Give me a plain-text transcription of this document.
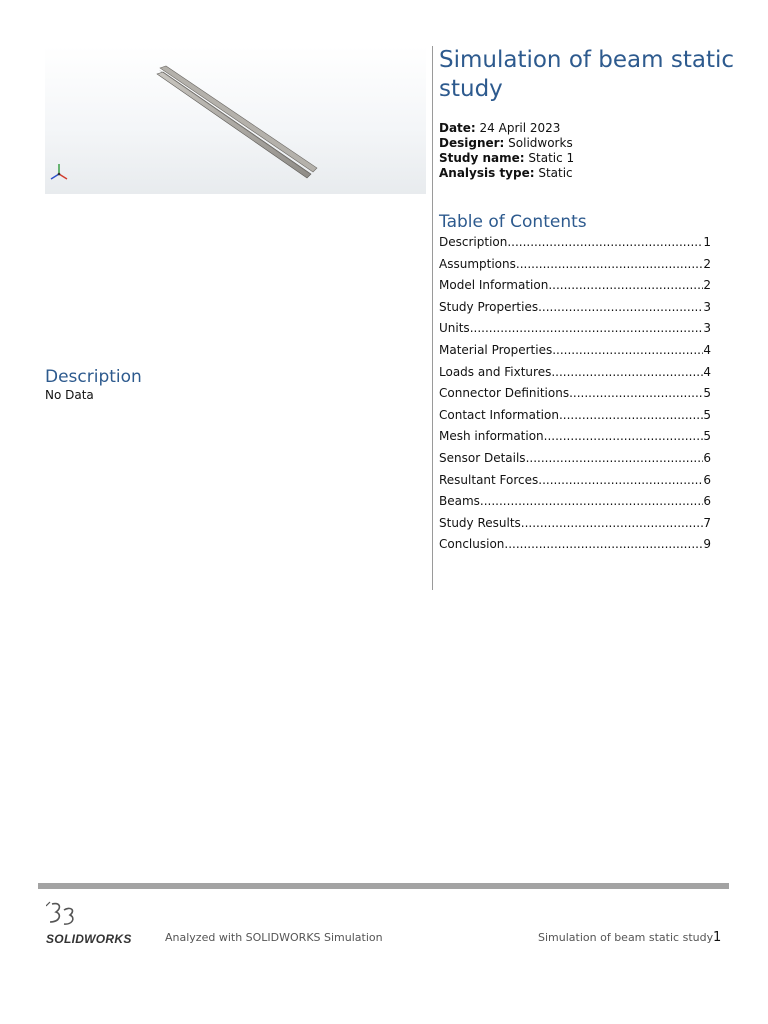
Simulation of beam static study
Date: 24 April 2023
Designer: Solidworks
Study name: Static 1
Analysis type: Static
Table of Contents
Description .....	1
Assumptions .....	2
Model Information .....	2
Study Properties .....	3
Units .....	3
Material Properties .....	4
Loads and Fixtures .....	4
Connector Definitions .....	5
Contact Information .....	5
Mesh information .....	5
Sensor Details .....	6
Resultant Forces .....	6
Beams .....	6
Study Results .....	7
Conclusion .....	9
Description
No Data
SOLIDWORKS	Analyzed with SOLIDWORKS Simulation	Simulation of beam static study 1
